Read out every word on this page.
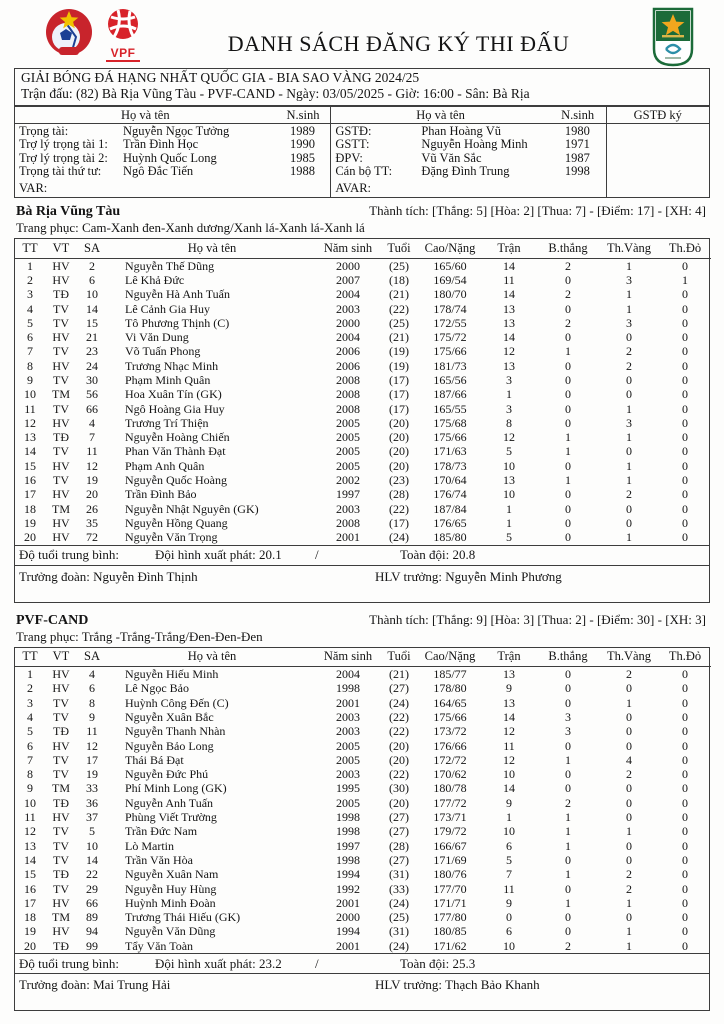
VPF	DANH SÁCH ĐĂNG KÝ THI ĐẤU
GIẢI BÓNG ĐÁ HẠNG NHẤT QUỐC GIA - BIA SAO VÀNG 2024/25
Trận đấu: (82) Bà Rịa Vũng Tàu - PVF-CAND - Ngày: 03/05/2025 - Giờ: 16:00 - Sân: Bà Rịa
Họ và tên	N.sinh	Họ và tên	N.sinh	GSTĐ ký

Trọng tài:	Nguyễn Ngọc Tưởng	1989
Trợ lý trọng tài 1:	Trần Đình Học	1990
Trợ lý trọng tài 2:	Huỳnh Quốc Long	1985
Trọng tài thứ tư:	Ngô Đắc Tiến	1988

GSTĐ:	Phan Hoàng Vũ	1980
GSTT:	Nguyễn Hoàng Minh	1971
ĐPV:	Vũ Văn Sắc	1987
Cán bộ TT:	Đặng Đình Trung	1998

VAR:		AVAR:		
Bà Rịa Vũng Tàu	Thành tích: [Thắng: 5] [Hòa: 2] [Thua: 7] - [Điểm: 17] - [XH: 4]
Trang phục: Cam-Xanh đen-Xanh dương/Xanh lá-Xanh lá-Xanh lá
TT	VT	SA	Họ và tên	Năm sinh	Tuổi	Cao/Nặng	Trận	B.thắng	Th.Vàng	Th.Đỏ
1	HV	2	Nguyễn Thế Dũng	2000	(25)	165/60	14	2	1	0
2	HV	6	Lê Khả Đức	2007	(18)	169/54	11	0	3	1
3	TĐ	10	Nguyễn Hà Anh Tuấn	2004	(21)	180/70	14	2	1	0
4	TV	14	Lê Cảnh Gia Huy	2003	(22)	178/74	13	0	1	0
5	TV	15	Tô Phương Thịnh (C)	2000	(25)	172/55	13	2	3	0
6	HV	21	Vi Văn Dung	2004	(21)	175/72	14	0	0	0
7	TV	23	Võ Tuấn Phong	2006	(19)	175/66	12	1	2	0
8	HV	24	Trương Nhạc Minh	2006	(19)	181/73	13	0	2	0
9	TV	30	Phạm Minh Quân	2008	(17)	165/56	3	0	0	0
10	TM	56	Hoa Xuân Tín (GK)	2008	(17)	187/66	1	0	0	0
11	TV	66	Ngô Hoàng Gia Huy	2008	(17)	165/55	3	0	1	0
12	HV	4	Trương Trí Thiện	2005	(20)	175/68	8	0	3	0
13	TĐ	7	Nguyễn Hoàng Chiến	2005	(20)	175/66	12	1	1	0
14	TV	11	Phan Văn Thành Đạt	2005	(20)	171/63	5	1	0	0
15	HV	12	Phạm Anh Quân	2005	(20)	178/73	10	0	1	0
16	TV	19	Nguyễn Quốc Hoàng	2002	(23)	170/64	13	1	1	0
17	HV	20	Trần Đình Bảo	1997	(28)	176/74	10	0	2	0
18	TM	26	Nguyễn Nhật Nguyên (GK)	2003	(22)	187/84	1	0	0	0
19	HV	35	Nguyễn Hồng Quang	2008	(17)	176/65	1	0	0	0
20	HV	72	Nguyễn Văn Trọng	2001	(24)	185/80	5	0	1	0
Độ tuổi trung bình:	Đội hình xuất phát: 20.1	/	Toàn đội: 20.8
Trưởng đoàn: Nguyễn Đình Thịnh	HLV trưởng: Nguyễn Minh Phương
PVF-CAND	Thành tích: [Thắng: 9] [Hòa: 3] [Thua: 2] - [Điểm: 30] - [XH: 3]
Trang phục: Trắng -Trắng-Trắng/Đen-Đen-Đen
TT	VT	SA	Họ và tên	Năm sinh	Tuổi	Cao/Nặng	Trận	B.thắng	Th.Vàng	Th.Đỏ
1	HV	4	Nguyễn Hiếu Minh	2004	(21)	185/77	13	0	2	0
2	HV	6	Lê Ngọc Bảo	1998	(27)	178/80	9	0	0	0
3	TV	8	Huỳnh Công Đến (C)	2001	(24)	164/65	13	0	1	0
4	TV	9	Nguyễn Xuân Bắc	2003	(22)	175/66	14	3	0	0
5	TĐ	11	Nguyễn Thanh Nhàn	2003	(22)	173/72	12	3	0	0
6	HV	12	Nguyễn Bảo Long	2005	(20)	176/66	11	0	0	0
7	TV	17	Thái Bá Đạt	2005	(20)	172/72	12	1	4	0
8	TV	19	Nguyễn Đức Phú	2003	(22)	170/62	10	0	2	0
9	TM	33	Phí Minh Long (GK)	1995	(30)	180/78	14	0	0	0
10	TĐ	36	Nguyễn Anh Tuấn	2005	(20)	177/72	9	2	0	0
11	HV	37	Phùng Viết Trường	1998	(27)	173/71	1	1	0	0
12	TV	5	Trần Đức Nam	1998	(27)	179/72	10	1	1	0
13	TV	10	Lò Martin	1997	(28)	166/67	6	1	0	0
14	TV	14	Trần Văn Hòa	1998	(27)	171/69	5	0	0	0
15	TĐ	22	Nguyễn Xuân Nam	1994	(31)	180/76	7	1	2	0
16	TV	29	Nguyễn Huy Hùng	1992	(33)	177/70	11	0	2	0
17	HV	66	Huỳnh Minh Đoàn	2001	(24)	171/71	9	1	1	0
18	TM	89	Trương Thái Hiếu (GK)	2000	(25)	177/80	0	0	0	0
19	HV	94	Nguyễn Văn Dũng	1994	(31)	180/85	6	0	1	0
20	TĐ	99	Tẩy Văn Toàn	2001	(24)	171/62	10	2	1	0
Độ tuổi trung bình:	Đội hình xuất phát: 23.2	/	Toàn đội: 25.3
Trưởng đoàn: Mai Trung Hải	HLV trưởng: Thạch Bảo Khanh
